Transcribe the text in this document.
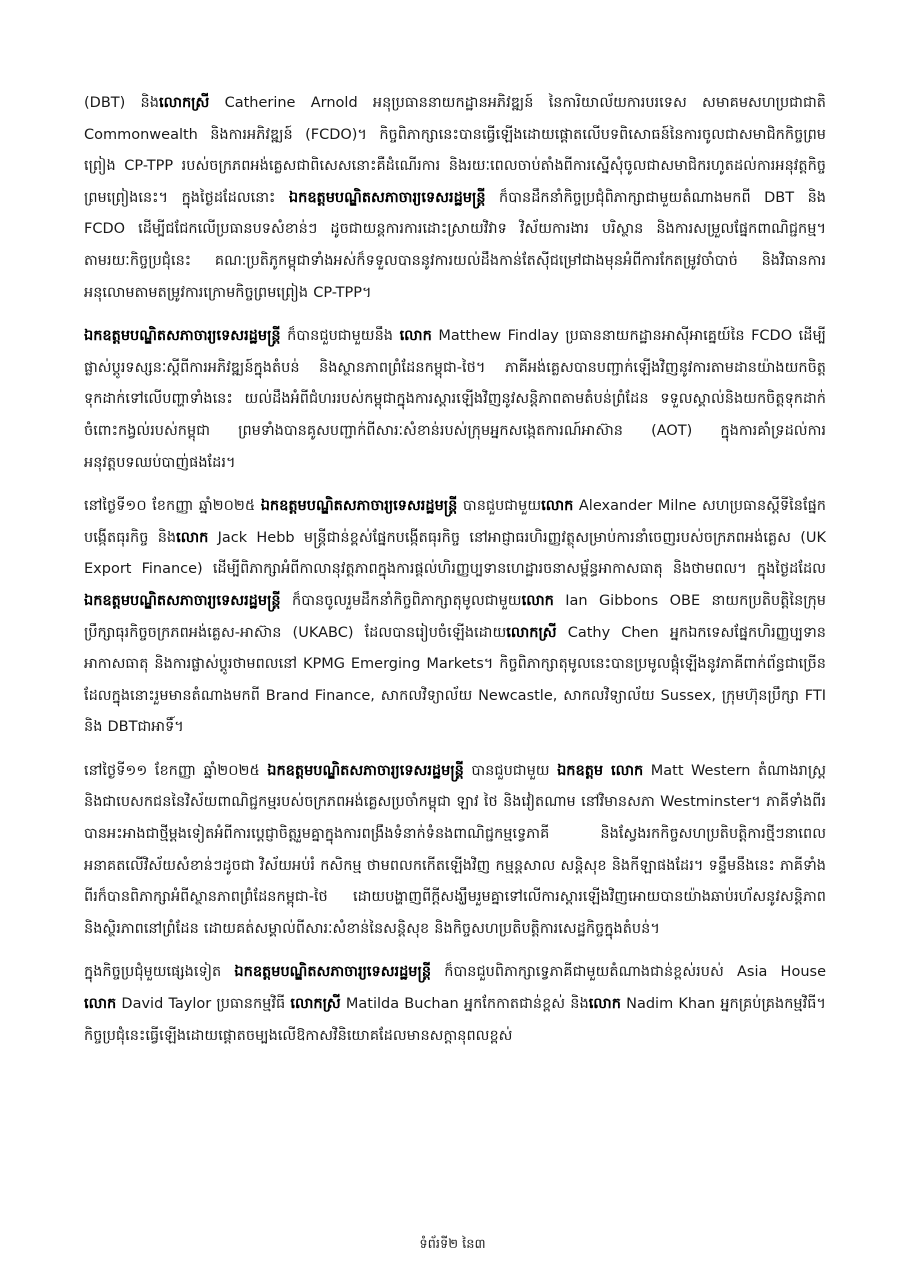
(DBT) និងលោកស្រី Catherine Arnold អនុប្រធាននាយកដ្ឋានអភិវឌ្ឍន៍ នៃការិយាល័យការបរទេស សមាគមសហប្រជាជាតិ Commonwealth និងការអភិវឌ្ឍន៍ (FCDO)។ កិច្ចពិភាក្សានេះបានធ្វើឡើងដោយផ្ដោតលើបទពិសោធន៍នៃការចូលជាសមាជិកកិច្ចព្រមព្រៀង CP-TPP របស់ចក្រភពអង់គ្លេសជាពិសេសនោះគឺដំណើរការ និងរយៈពេលចាប់តាំងពីការស្នើសុំចូលជាសមាជិករហូតដល់ការអនុវត្តកិច្ចព្រមព្រៀងនេះ។ ក្នុងថ្ងៃដដែលនោះ ឯកឧត្តមបណ្ឌិតសភាចារ្យទេសរដ្ឋមន្ត្រី ក៏បានដឹកនាំកិច្ចប្រជុំពិភាក្សាជាមួយតំណាងមកពី DBT និង FCDO ដើម្បីជជែកលើប្រធានបទសំខាន់ៗ ដូចជាយន្តការការដោះស្រាយវិវាទ វិស័យការងារ បរិស្ថាន និងការសម្រួលផ្នែកពាណិជ្ជកម្ម។ តាមរយៈកិច្ចប្រជុំនេះ គណៈប្រតិភូកម្ពុជាទាំងអស់ក៏ទទួលបាននូវការយល់ដឹងកាន់តែស៊ីជម្រៅជាងមុនអំពីការកែតម្រូវចាំបាច់ និងវិធានការអនុលោមតាមតម្រូវការក្រោមកិច្ចព្រមព្រៀង CP-TPP។

ឯកឧត្តមបណ្ឌិតសភាចារ្យទេសរដ្ឋមន្ត្រី ក៏បានជួបជាមួយនឹង លោក Matthew Findlay ប្រធាននាយកដ្ឋានអាស៊ីអាគ្នេយ៍នៃ FCDO ដើម្បីផ្លាស់ប្ដូរទស្សនៈស្ដីពីការអភិវឌ្ឍន៍ក្នុងតំបន់ និងស្ថានភាពព្រំដែនកម្ពុជា-ថៃ។ ភាគីអង់គ្លេសបានបញ្ជាក់ឡើងវិញនូវការតាមដានយ៉ាងយកចិត្តទុកដាក់ទៅលើបញ្ហាទាំងនេះ យល់ដឹងអំពីជំហររបស់កម្ពុជាក្នុងការស្ដារឡើងវិញនូវសន្តិភាពតាមតំបន់ព្រំដែន ទទួលស្គាល់និងយកចិត្តទុកដាក់ចំពោះកង្វល់របស់កម្ពុជា ព្រមទាំងបានគូសបញ្ជាក់ពីសារៈសំខាន់របស់ក្រុមអ្នកសង្កេតការណ៍អាស៊ាន (AOT) ក្នុងការគាំទ្រដល់ការអនុវត្តបទឈប់បាញ់ផងដែរ។

នៅថ្ងៃទី១០ ខែកញ្ញា ឆ្នាំ២០២៥ ឯកឧត្តមបណ្ឌិតសភាចារ្យទេសរដ្ឋមន្ត្រី បានជួបជាមួយលោក Alexander Milne សហប្រធានស្ដីទីនៃផ្នែកបង្កើតធុរកិច្ច និងលោក Jack Hebb មន្ត្រីជាន់ខ្ពស់ផ្នែកបង្កើតធុរកិច្ច នៅអាជ្ញាធរហិរញ្ញវត្ថុសម្រាប់ការនាំចេញរបស់ចក្រភពអង់គ្លេស (UK Export Finance) ដើម្បីពិភាក្សាអំពីកាលានុវត្តភាពក្នុងការផ្ដល់ហិរញ្ញប្បទានហេដ្ឋារចនាសម្ព័ន្ធអាកាសធាតុ និងថាមពល។ ក្នុងថ្ងៃដដែល ឯកឧត្តមបណ្ឌិតសភាចារ្យទេសរដ្ឋមន្ត្រី ក៏បានចូលរួមដឹកនាំកិច្ចពិភាក្សាតុមូលជាមួយលោក Ian Gibbons OBE នាយកប្រតិបត្តិនៃក្រុមប្រឹក្សាធុរកិច្ចចក្រភពអង់គ្លេស-អាស៊ាន (UKABC) ដែលបានរៀបចំឡើងដោយលោកស្រី Cathy Chen អ្នកឯកទេសផ្នែកហិរញ្ញប្បទានអាកាសធាតុ និងការផ្លាស់ប្ដូរថាមពលនៅ KPMG Emerging Markets។ កិច្ចពិភាក្សាតុមូលនេះបានប្រមូលផ្ដុំឡើងនូវភាគីពាក់ព័ន្ធជាច្រើនដែលក្នុងនោះរួមមានតំណាងមកពី Brand Finance, សាកលវិទ្យាល័យ Newcastle, សាកលវិទ្យាល័យ Sussex, ក្រុមហ៊ុនប្រឹក្សា FTI និង DBTជាអាទិ៍។

នៅថ្ងៃទី១១ ខែកញ្ញា ឆ្នាំ២០២៥ ឯកឧត្តមបណ្ឌិតសភាចារ្យទេសរដ្ឋមន្ត្រី បានជួបជាមួយ ឯកឧត្តម លោក Matt Western តំណាងរាស្ត្រ និងជាបេសកជននៃវិស័យពាណិជ្ជកម្មរបស់ចក្រភពអង់គ្លេសប្រចាំកម្ពុជា ឡាវ ថៃ និងវៀតណាម នៅវិមានសភា Westminster។ ភាគីទាំងពីរបានអះអាងជាថ្មីម្ដងទៀតអំពីការប្ដេជ្ញាចិត្តរួមគ្នាក្នុងការពង្រឹងទំនាក់ទំនងពាណិជ្ជកម្មទ្វេភាគី និងស្វែងរកកិច្ចសហប្រតិបត្តិការថ្មីៗនាពេលអនាគតលើវិស័យសំខាន់ៗដូចជា វិស័យអប់រំ កសិកម្ម ថាមពលកកើតឡើងវិញ កម្មន្តសាល សន្តិសុខ និងកីឡាផងដែរ។ ទន្ទឹមនឹងនេះ ភាគីទាំងពីរក៏បានពិភាក្សាអំពីស្ថានភាពព្រំដែនកម្ពុជា-ថៃ ដោយបង្ហាញពីក្ដីសង្ឃឹមរួមគ្នាទៅលើការស្ដារឡើងវិញអោយបានយ៉ាងឆាប់រហ័សនូវសន្តិភាព និងស្ថិរភាពនៅព្រំដែន ដោយគត់សម្គាល់ពីសារៈសំខាន់នៃសន្តិសុខ និងកិច្ចសហប្រតិបត្តិការសេដ្ឋកិច្ចក្នុងតំបន់។

ក្នុងកិច្ចប្រជុំមួយផ្សេងទៀត ឯកឧត្តមបណ្ឌិតសភាចារ្យទេសរដ្ឋមន្ត្រី ក៏បានជួបពិភាក្សាទ្វេភាគីជាមួយតំណាងជាន់ខ្ពស់របស់ Asia House លោក David Taylor ប្រធានកម្មវិធី លោកស្រី Matilda Buchan អ្នកកែកាតជាន់ខ្ពស់ និងលោក Nadim Khan អ្នកគ្រប់គ្រងកម្មវិធី។ កិច្ចប្រជុំនេះធ្វើឡើងដោយផ្ដោតចម្បងលើឱកាសវិនិយោគដែលមានសក្ដានុពលខ្ពស់

ទំព័រទី២ នៃ៣
